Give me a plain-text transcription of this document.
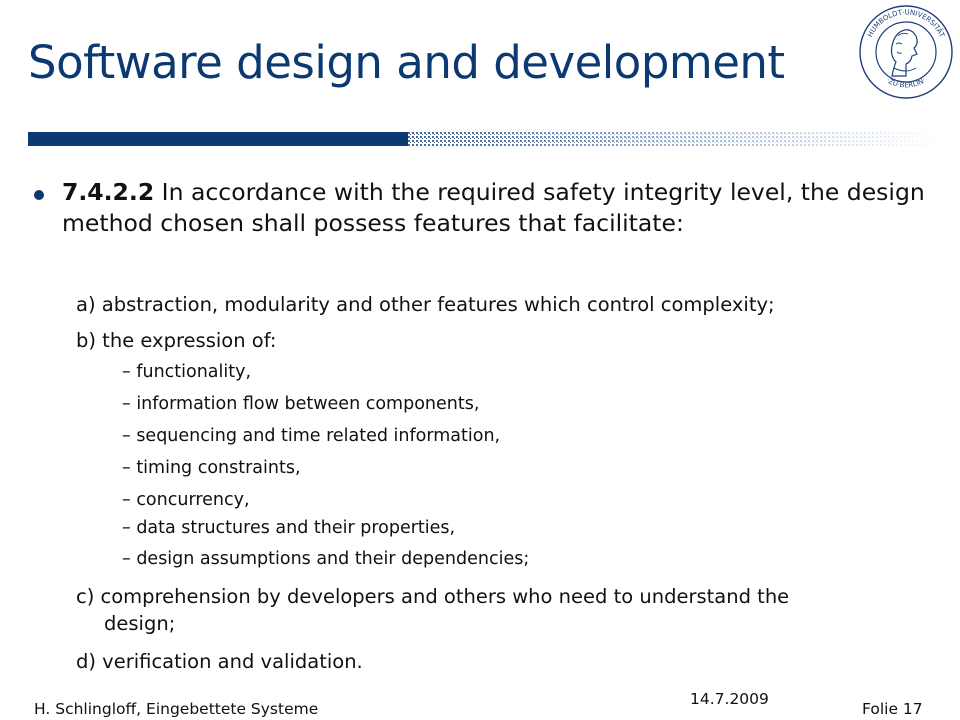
Software design and development
HUMBOLDT·UNIVERSITÄT
·ZU·BERLIN·
7.4.2.2 In accordance with the required safety integrity level, the design method chosen shall possess features that facilitate:
a) abstraction, modularity and other features which control complexity;
b) the expression of:
– functionality,
– information flow between components,
– sequencing and time related information,
– timing constraints,
– concurrency,
– data structures and their properties,
– design assumptions and their dependencies;
c) comprehension by developers and others who need to understand the
design;
d) verification and validation.
H. Schlingloff, Eingebettete Systeme
14.7.2009
Folie 17
